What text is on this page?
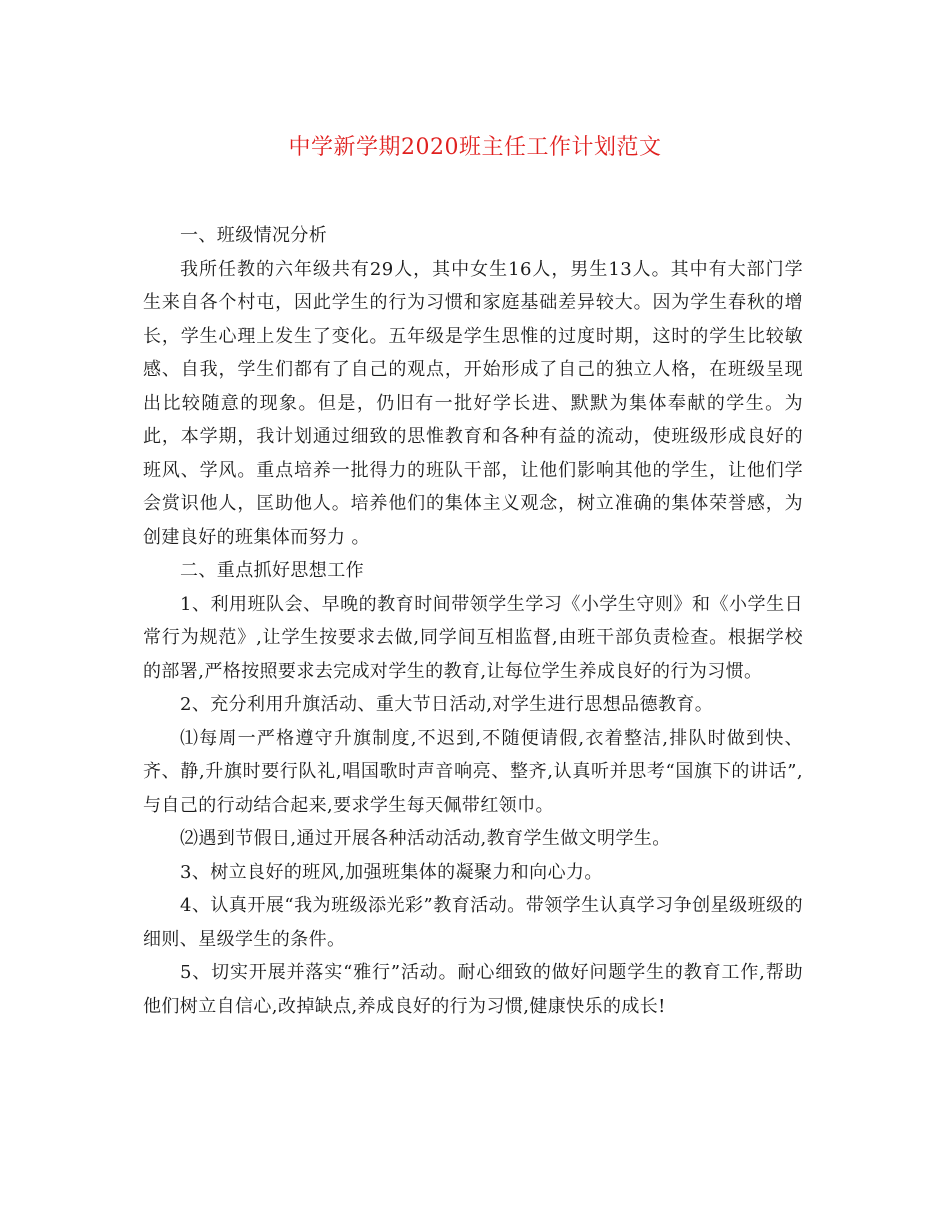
中学新学期2020班主任工作计划范文

一、班级情况分析

我所任教的六年级共有29人，其中女生16人，男生13人。其中有大部门学生来自各个村屯，因此学生的行为习惯和家庭基础差异较大。因为学生春秋的增长，学生心理上发生了变化。五年级是学生思惟的过度时期，这时的学生比较敏感、自我，学生们都有了自己的观点，开始形成了自己的独立人格，在班级呈现出比较随意的现象。但是，仍旧有一批好学长进、默默为集体奉献的学生。为此，本学期，我计划通过细致的思惟教育和各种有益的流动，使班级形成良好的班风、学风。重点培养一批得力的班队干部，让他们影响其他的学生，让他们学会赏识他人，匡助他人。培养他们的集体主义观念，树立准确的集体荣誉感，为创建良好的班集体而努力 。

二、重点抓好思想工作

1、利用班队会、早晚的教育时间带领学生学习《小学生守则》和《小学生日常行为规范》,让学生按要求去做,同学间互相监督,由班干部负责检查。根据学校的部署,严格按照要求去完成对学生的教育,让每位学生养成良好的行为习惯。

2、充分利用升旗活动、重大节日活动,对学生进行思想品德教育。

⑴每周一严格遵守升旗制度,不迟到,不随便请假,衣着整洁,排队时做到快、齐、静,升旗时要行队礼,唱国歌时声音响亮、整齐,认真听并思考“国旗下的讲话”,与自己的行动结合起来,要求学生每天佩带红领巾。

⑵遇到节假日,通过开展各种活动活动,教育学生做文明学生。

3、树立良好的班风,加强班集体的凝聚力和向心力。

4、认真开展“我为班级添光彩”教育活动。带领学生认真学习争创星级班级的细则、星级学生的条件。

5、切实开展并落实“雅行”活动。耐心细致的做好问题学生的教育工作,帮助他们树立自信心,改掉缺点,养成良好的行为习惯,健康快乐的成长!
